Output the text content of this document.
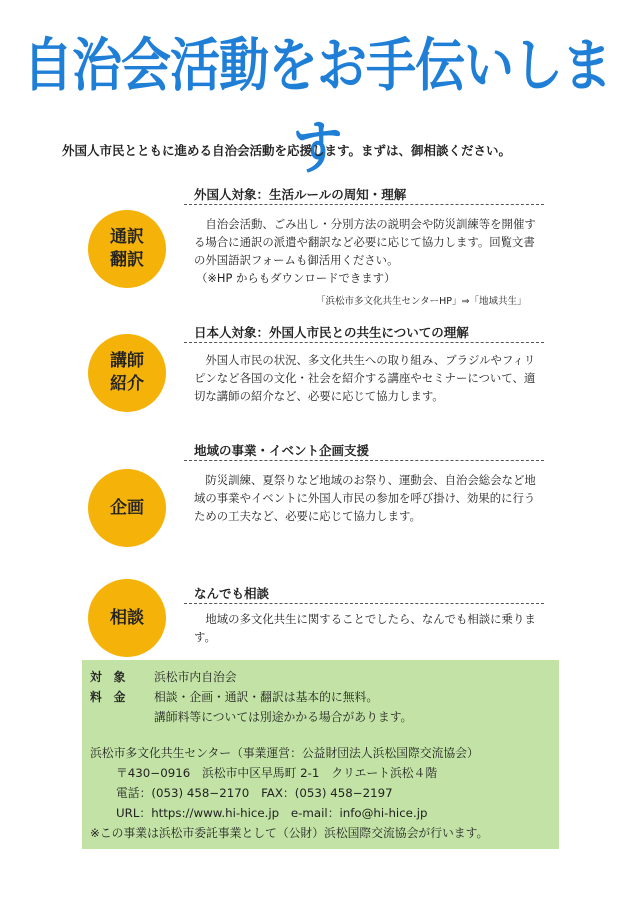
自治会活動をお手伝いします
外国人市民とともに進める自治会活動を応援します。まずは、御相談ください。
通訳
翻訳
外国人対象：生活ルールの周知・理解
自治会活動、ごみ出し・分別方法の説明会や防災訓練等を開催する場合に通訳の派遣や翻訳など必要に応じて協力します。回覧文書の外国語訳フォームも御活用ください。
（※HP からもダウンロードできます）
「浜松市多文化共生センターHP」⇒「地域共生」
講師
紹介
日本人対象：外国人市民との共生についての理解
外国人市民の状況、多文化共生への取り組み、ブラジルやフィリピンなど各国の文化・社会を紹介する講座やセミナーについて、適切な講師の紹介など、必要に応じて協力します。
企画
地域の事業・イベント企画支援
防災訓練、夏祭りなど地域のお祭り、運動会、自治会総会など地域の事業やイベントに外国人市民の参加を呼び掛け、効果的に行うための工夫など、必要に応じて協力します。
相談
なんでも相談
地域の多文化共生に関することでしたら、なんでも相談に乗ります。
対　象 浜松市内自治会
料　金 相談・企画・通訳・翻訳は基本的に無料。
講師料等については別途かかる場合があります。
浜松市多文化共生センター（事業運営：公益財団法人浜松国際交流協会）
〒430−0916　浜松市中区早馬町 2-1　クリエート浜松４階
電話：(053) 458−2170　FAX：(053) 458−2197
URL：https://www.hi-hice.jp　e-mail：info@hi-hice.jp
※この事業は浜松市委託事業として（公財）浜松国際交流協会が行います。
